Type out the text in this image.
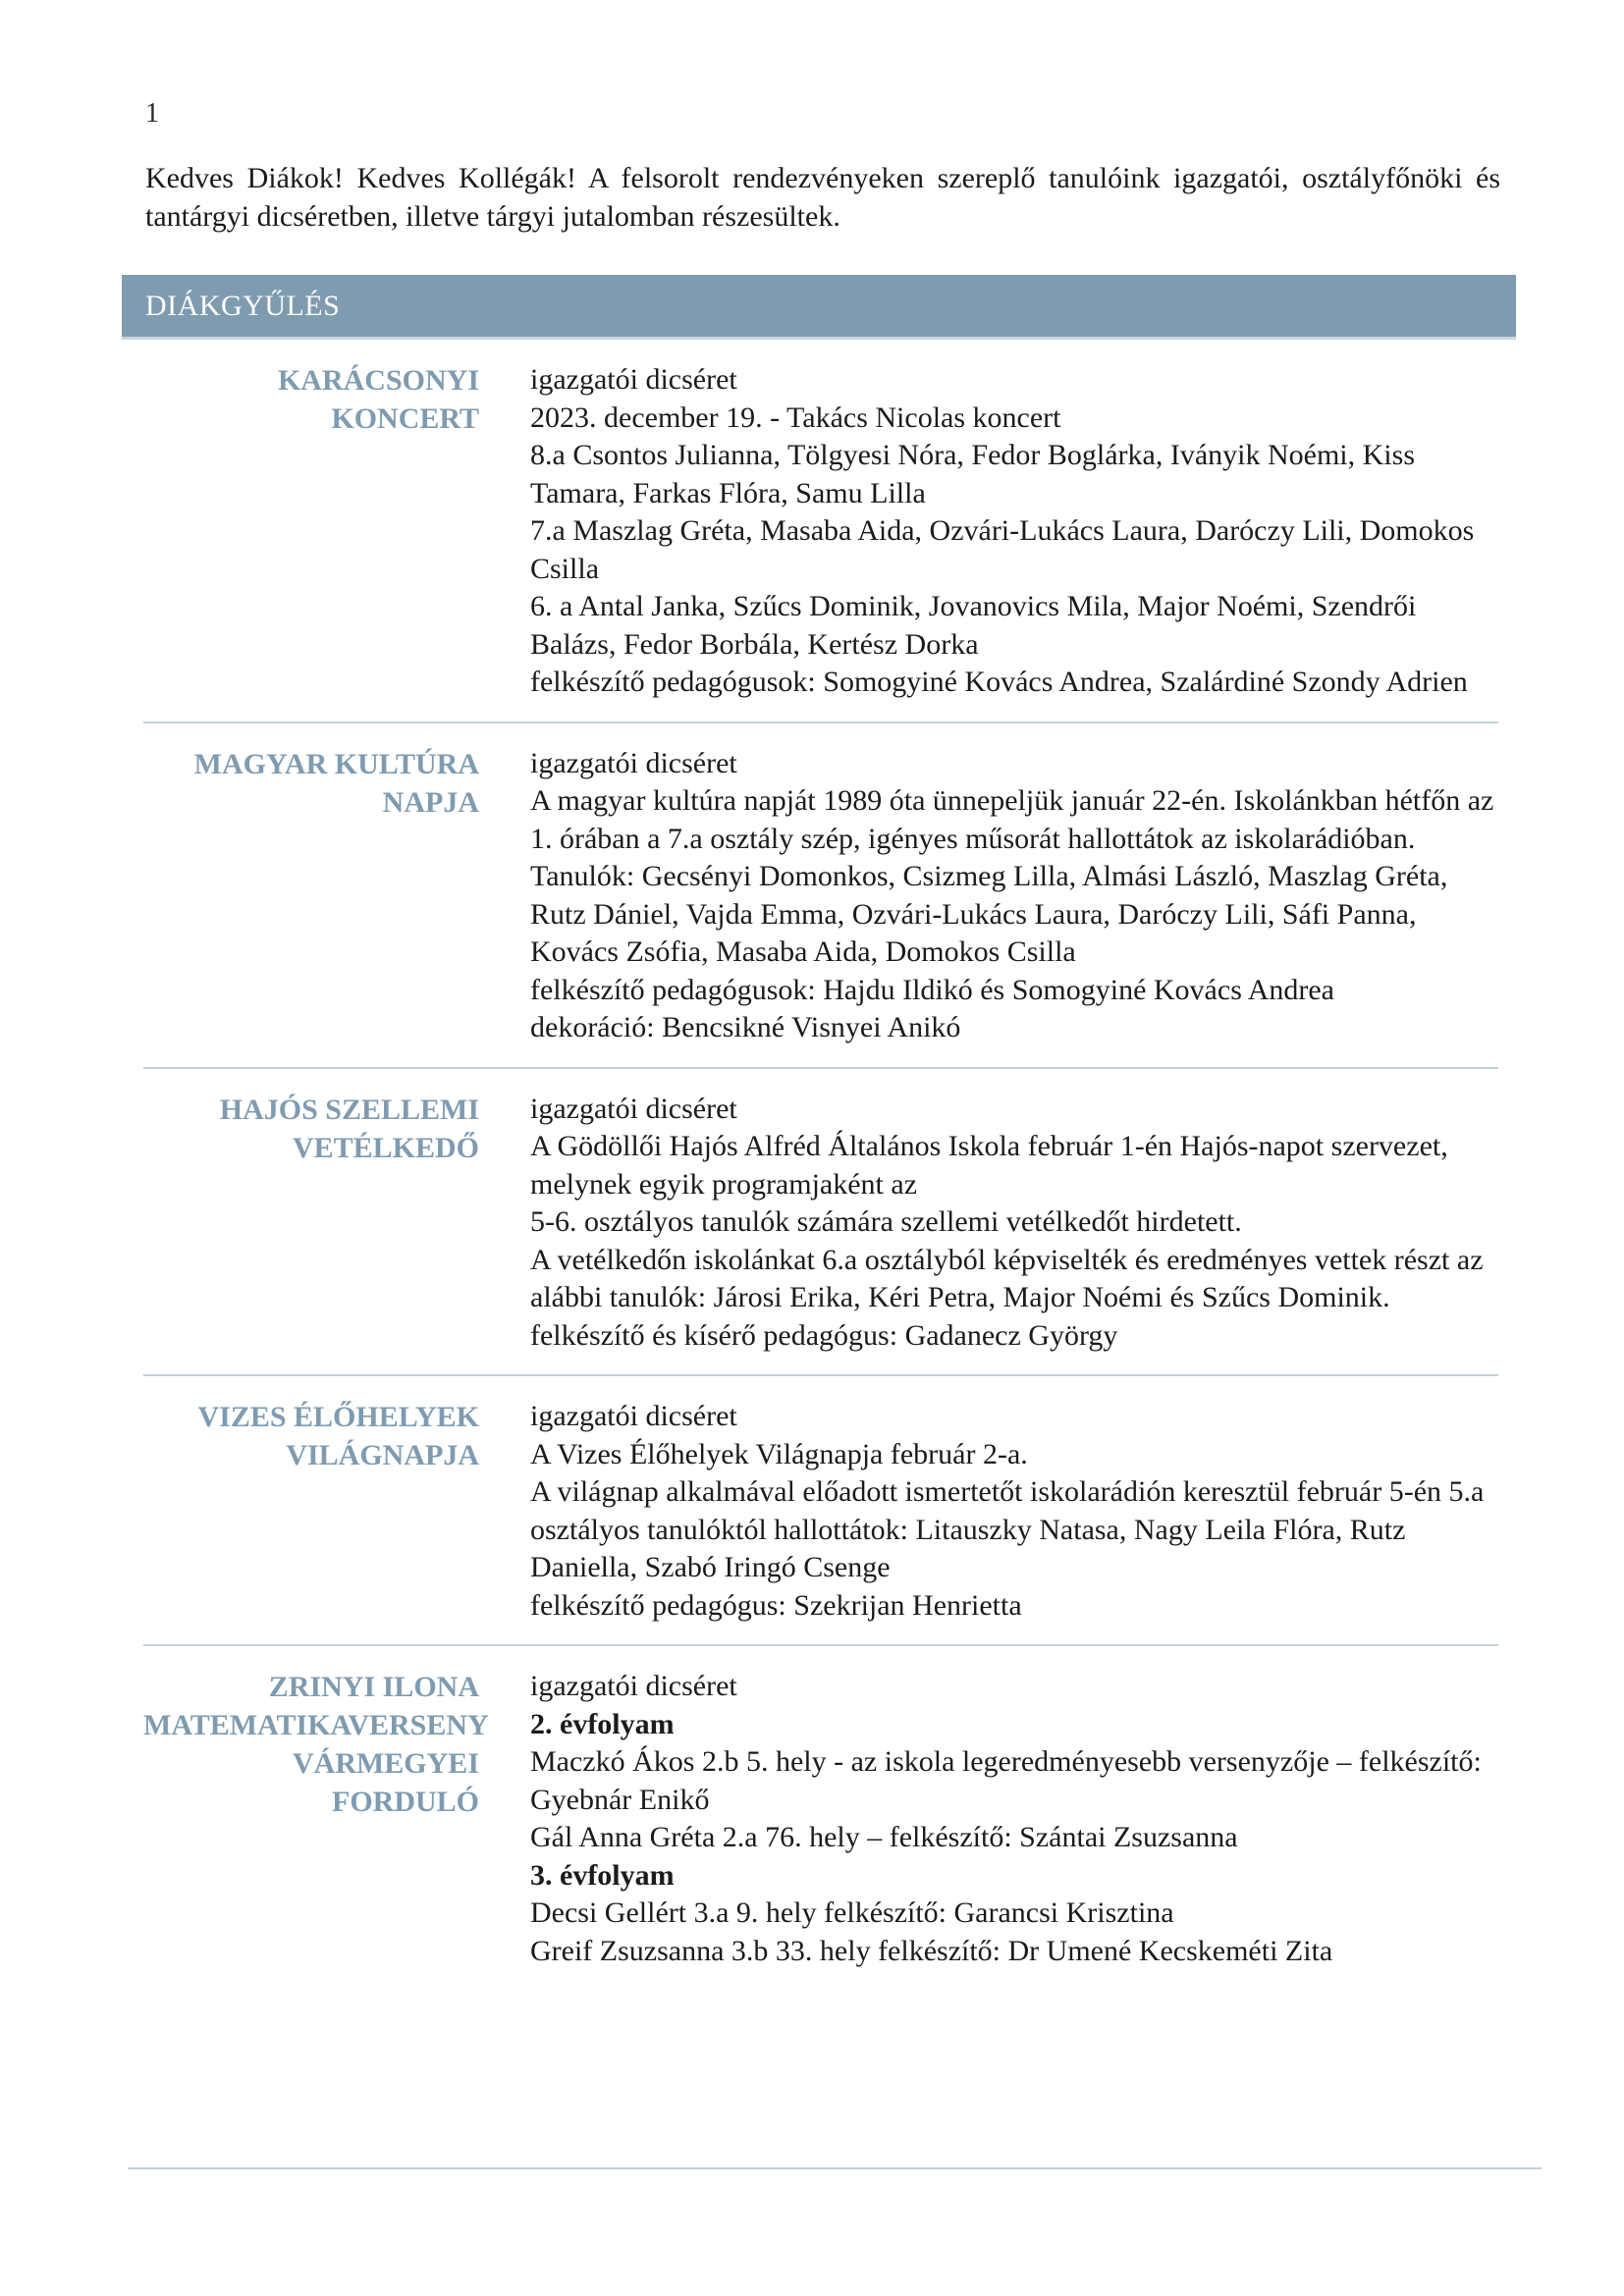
1

Kedves Diákok! Kedves Kollégák! A felsorolt rendezvényeken szereplő tanulóink igazgatói, osztályfőnöki és tantárgyi dicséretben, illetve tárgyi jutalomban részesültek.

DIÁKGYŰLÉS
KARÁCSONYI
KONCERT

igazgatói dicséret

2023. december 19. - Takács Nicolas koncert

8.a Csontos Julianna, Tölgyesi Nóra, Fedor Boglárka, Iványik Noémi, Kiss Tamara, Farkas Flóra, Samu Lilla

7.a Maszlag Gréta, Masaba Aida, Ozvári-Lukács Laura, Daróczy Lili, Domokos Csilla

6. a Antal Janka, Szűcs Dominik, Jovanovics Mila, Major Noémi, Szendrői Balázs, Fedor Borbála, Kertész Dorka

felkészítő pedagógusok: Somogyiné Kovács Andrea, Szalárdiné Szondy Adrien

MAGYAR KULTÚRA
NAPJA

igazgatói dicséret

A magyar kultúra napját 1989 óta ünnepeljük január 22-én. Iskolánkban hétfőn az 1. órában a 7.a osztály szép, igényes műsorát hallottátok az iskolarádióban.

Tanulók: Gecsényi Domonkos, Csizmeg Lilla, Almási László, Maszlag Gréta, Rutz Dániel, Vajda Emma, Ozvári-Lukács Laura, Daróczy Lili, Sáfi Panna, Kovács Zsófia, Masaba Aida, Domokos Csilla

felkészítő pedagógusok: Hajdu Ildikó és Somogyiné Kovács Andrea

dekoráció: Bencsikné Visnyei Anikó

HAJÓS SZELLEMI
VETÉLKEDŐ

igazgatói dicséret

A Gödöllői Hajós Alfréd Általános Iskola február 1-én Hajós-napot szervezet, melynek egyik programjaként az

5-6. osztályos tanulók számára szellemi vetélkedőt hirdetett.

A vetélkedőn iskolánkat 6.a osztályból képviselték és eredményes vettek részt az alábbi tanulók: Járosi Erika, Kéri Petra, Major Noémi és Szűcs Dominik.

felkészítő és kísérő pedagógus: Gadanecz György

VIZES ÉLŐHELYEK
VILÁGNAPJA

igazgatói dicséret

A Vizes Élőhelyek Világnapja február 2-a.

A világnap alkalmával előadott ismertetőt iskolarádión keresztül február 5-én 5.a osztályos tanulóktól hallottátok: Litauszky Natasa, Nagy Leila Flóra, Rutz Daniella, Szabó Iringó Csenge

felkészítő pedagógus: Szekrijan Henrietta

ZRINYI ILONA
MATEMATIKAVERSENY
VÁRMEGYEI FORDULÓ

igazgatói dicséret

2. évfolyam

Maczkó Ákos 2.b 5. hely - az iskola legeredményesebb versenyzője – felkészítő: Gyebnár Enikő

Gál Anna Gréta 2.a 76. hely – felkészítő: Szántai Zsuzsanna

3. évfolyam

Decsi Gellért 3.a 9. hely felkészítő: Garancsi Krisztina

Greif Zsuzsanna 3.b 33. hely felkészítő: Dr Umené Kecskeméti Zita
